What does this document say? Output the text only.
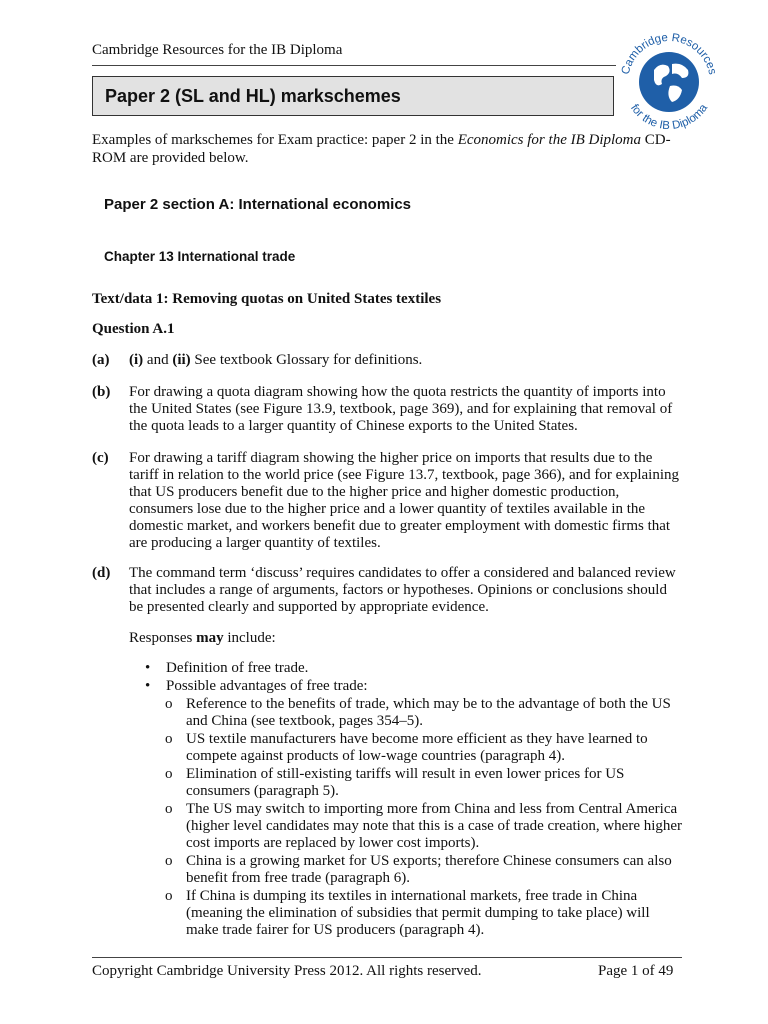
Cambridge Resources for the IB Diploma
Paper 2 (SL and HL) markschemes
Cambridge Resources
for the IB Diploma
Examples of markschemes for Exam practice: paper 2 in the Economics for the IB Diploma CD-ROM are provided below.
Paper 2 section A: International economics
Chapter 13 International trade
Text/data 1: Removing quotas on United States textiles
Question A.1
(a) (i) and (ii) See textbook Glossary for definitions.
(b) For drawing a quota diagram showing how the quota restricts the quantity of imports into the United States (see Figure 13.9, textbook, page 369), and for explaining that removal of the quota leads to a larger quantity of Chinese exports to the United States.
(c) For drawing a tariff diagram showing the higher price on imports that results due to the tariff in relation to the world price (see Figure 13.7, textbook, page 366), and for explaining that US producers benefit due to the higher price and higher domestic production, consumers lose due to the higher price and a lower quantity of textiles available in the domestic market, and workers benefit due to greater employment with domestic firms that are producing a larger quantity of textiles.
(d) The command term ‘discuss’ requires candidates to offer a considered and balanced review that includes a range of arguments, factors or hypotheses. Opinions or conclusions should be presented clearly and supported by appropriate evidence.
Responses may include:
• Definition of free trade.
• Possible advantages of free trade:
o Reference to the benefits of trade, which may be to the advantage of both the US and China (see textbook, pages 354–5).
o US textile manufacturers have become more efficient as they have learned to compete against products of low-wage countries (paragraph 4).
o Elimination of still-existing tariffs will result in even lower prices for US consumers (paragraph 5).
o The US may switch to importing more from China and less from Central America (higher level candidates may note that this is a case of trade creation, where higher cost imports are replaced by lower cost imports).
o China is a growing market for US exports; therefore Chinese consumers can also benefit from free trade (paragraph 6).
o If China is dumping its textiles in international markets, free trade in China (meaning the elimination of subsidies that permit dumping to take place) will make trade fairer for US producers (paragraph 4).
Copyright Cambridge University Press 2012. All rights reserved.	Page 1 of 49
